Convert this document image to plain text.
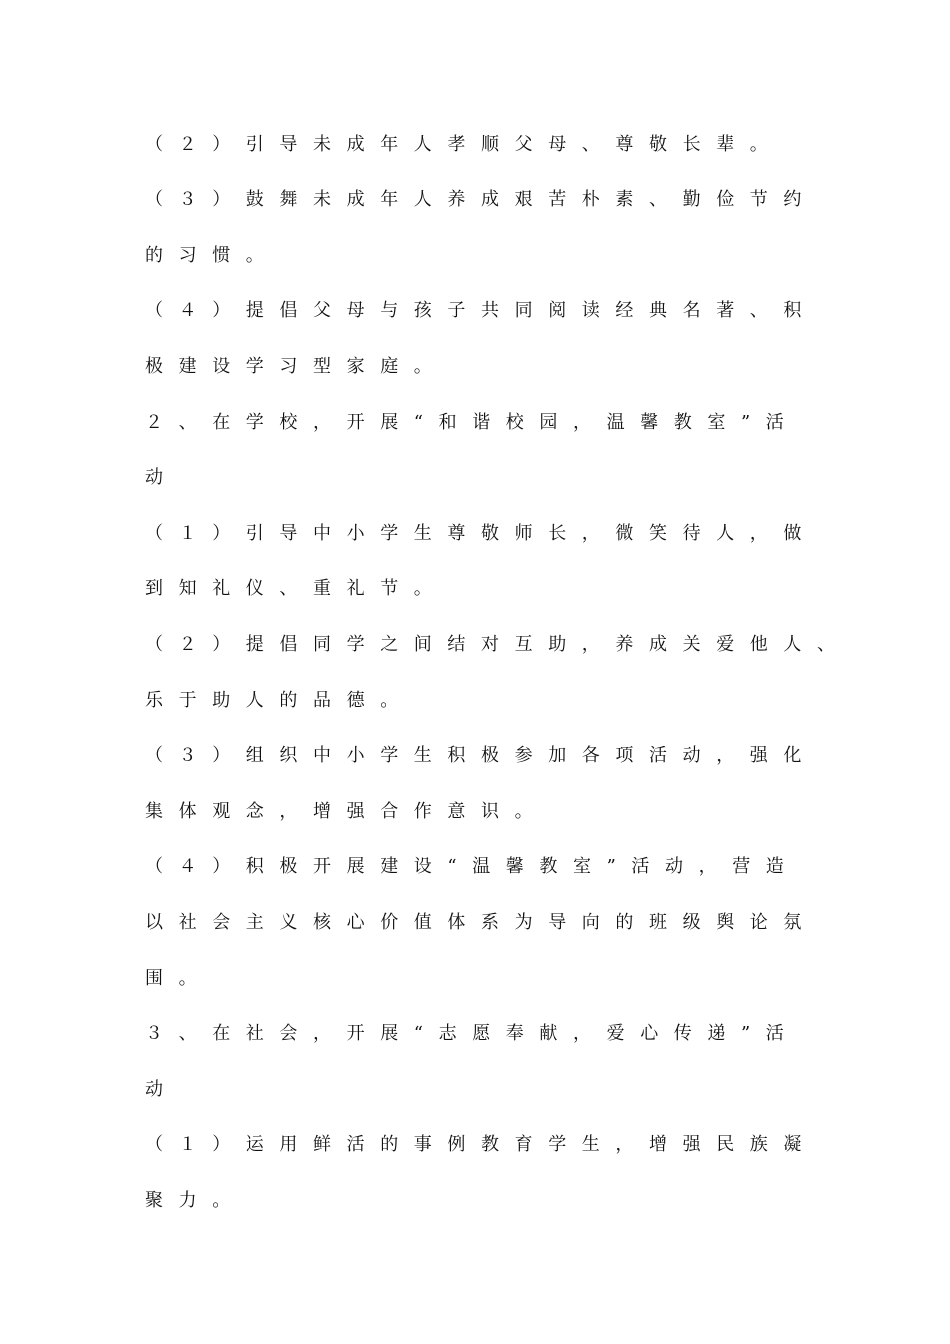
（２）引导未成年人孝顺父母、尊敬长辈。
（３）鼓舞未成年人养成艰苦朴素、勤俭节约
的习惯。
（４）提倡父母与孩子共同阅读经典名著、积
极建设学习型家庭。
２、在学校，开展“和谐校园，温馨教室”活
动
（１）引导中小学生尊敬师长，微笑待人，做
到知礼仪、重礼节。
（２）提倡同学之间结对互助，养成关爱他人、
乐于助人的品德。
（３）组织中小学生积极参加各项活动，强化
集体观念，增强合作意识。
（４）积极开展建设“温馨教室”活动，营造
以社会主义核心价值体系为导向的班级舆论氛
围。
３、在社会，开展“志愿奉献，爱心传递”活
动
（１）运用鲜活的事例教育学生，增强民族凝
聚力。
